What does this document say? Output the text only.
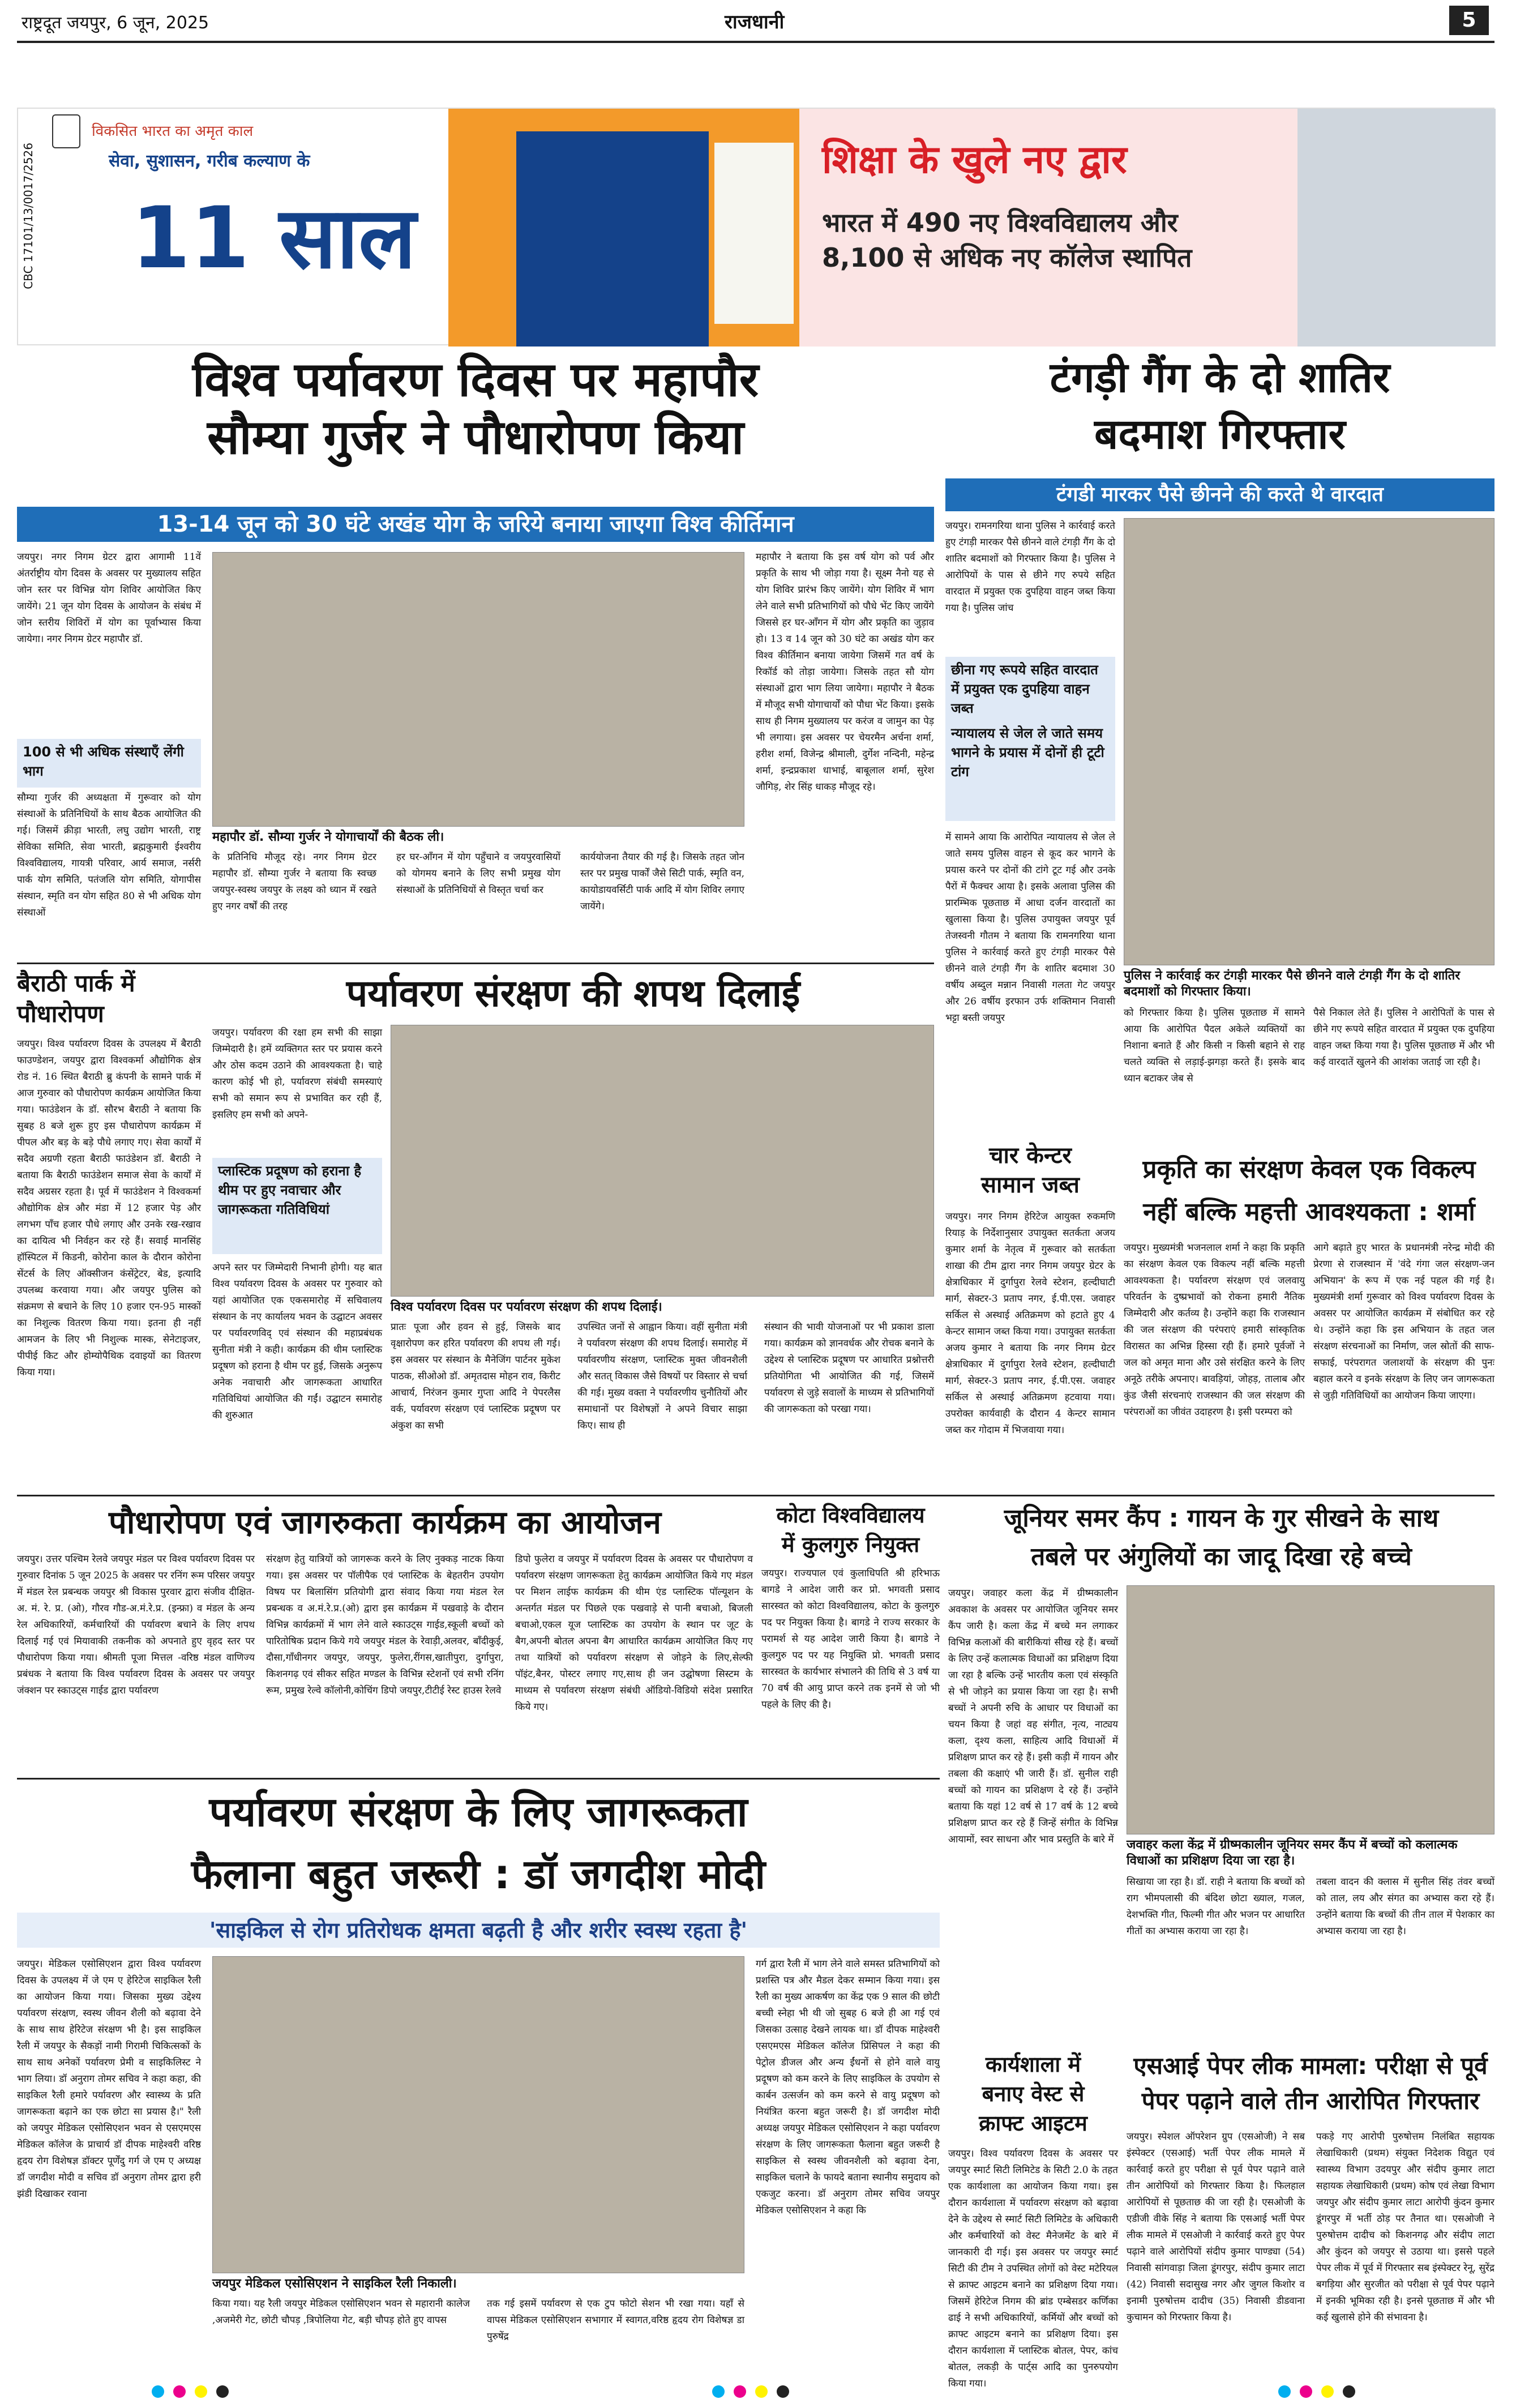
राष्ट्रदूत जयपुर, 6 जून, 2025	राजधानी	5
CBC 17101/13/0017/2526
विकसित भारत का अमृत काल
सेवा, सुशासन, गरीब कल्याण के
11 साल
शिक्षा के खुले नए द्वार
भारत में 490 नए विश्वविद्यालय और
8,100 से अधिक नए कॉलेज स्थापित
विश्व पर्यावरण दिवस पर महापौर
सौम्या गुर्जर ने पौधारोपण किया
13-14 जून को 30 घंटे अखंड योग के जरिये बनाया जाएगा विश्व कीर्तिमान
जयपुर। नगर निगम ग्रेटर द्वारा आगामी 11वें अंतर्राष्ट्रीय योग दिवस के अवसर पर मुख्यालय सहित जोन स्तर पर विभिन्न योग शिविर आयोजित किए जायेंगे। 21 जून योग दिवस के आयोजन के संबंध में जोन स्तरीय शिविरों में योग का पूर्वाभ्यास किया जायेगा। नगर निगम ग्रेटर महापौर डॉ.
100 से भी अधिक संस्थाएँ लेंगी भाग
सौम्या गुर्जर की अध्यक्षता में गुरूवार को योग संस्थाओं के प्रतिनिधियों के साथ बैठक आयोजित की गई। जिसमें क्रीड़ा भारती, लघु उद्योग भारती, राष्ट्र सेविका समिति, सेवा भारती, ब्रह्मकुमारी ईश्वरीय विश्वविद्यालय, गायत्री परिवार, आर्य समाज, नर्सरी पार्क योग समिति, पतंजलि योग समिति, योगापीस संस्थान, स्मृति वन योग सहित 80 से भी अधिक योग संस्थाओं
महापौर डॉ. सौम्या गुर्जर ने योगाचार्यों की बैठक ली।
के प्रतिनिधि मौजूद रहे। नगर निगम ग्रेटर महापौर डॉ. सौम्या गुर्जर ने बताया कि स्वच्छ जयपुर-स्वस्थ जयपुर के लक्ष्य को ध्यान में रखते हुए नगर वर्षों की तरह
हर घर-आँगन में योग पहुँचाने व जयपुरवासियों को योगमय बनाने के लिए सभी प्रमुख योग संस्थाओं के प्रतिनिधियों से विस्तृत चर्चा कर
कार्ययोजना तैयार की गई है। जिसके तहत जोन स्तर पर प्रमुख पार्कों जैसे सिटी पार्क, स्मृति वन, कायोडायवर्सिटी पार्क आदि में योग शिविर लगाए जायेंगे।
महापौर ने बताया कि इस वर्ष योग को पर्व और प्रकृति के साथ भी जोड़ा गया है। सूक्ष्म नैनो यह से योग शिविर प्रारंभ किए जायेंगे। योग शिविर में भाग लेने वाले सभी प्रतिभागियों को पौधे भेंट किए जायेंगे जिससे हर घर-आँगन में योग और प्रकृति का जुड़ाव हो। 13 व 14 जून को 30 घंटे का अखंड योग कर विश्व कीर्तिमान बनाया जायेगा जिसमें गत वर्ष के रिकॉर्ड को तोड़ा जायेगा। जिसके तहत सौ योग संस्थाओं द्वारा भाग लिया जायेगा। महापौर ने बैठक में मौजूद सभी योगाचार्यों को पौधा भेंट किया। इसके साथ ही निगम मुख्यालय पर करंज व जामुन का पेड़ भी लगाया। इस अवसर पर चेयरमैन अर्चना शर्मा, हरीश शर्मा, विजेन्द्र श्रीमाली, दुर्गेश नन्दिनी, महेन्द्र शर्मा, इन्द्रप्रकाश धाभाई, बाबूलाल शर्मा, सुरेश जौगिड़, शेर सिंह धाकड़ मौजूद रहे।
टंगड़ी गैंग के दो शातिर
बदमाश गिरफ्तार
टंगडी मारकर पैसे छीनने की करते थे वारदात
जयपुर। रामनगरिया थाना पुलिस ने कार्रवाई करते हुए टंगड़ी मारकर पैसे छीनने वाले टंगड़ी गैंग के दो शातिर बदमाशों को गिरफ्तार किया है। पुलिस ने आरोपियों के पास से छीने गए रुपये सहित वारदात में प्रयुक्त एक दुपहिया वाहन जब्त किया गया है। पुलिस जांच
छीना गए रूपये सहित वारदात में प्रयुक्त एक दुपहिया वाहन जब्त
न्यायालय से जेल ले जाते समय भागने के प्रयास में दोनों ही टूटी टांग
में सामने आया कि आरोपित न्यायालय से जेल ले जाते समय पुलिस वाहन से कूद कर भागने के प्रयास करने पर दोनों की टांगे टूट गई और उनके पैरों में फैक्चर आया है। इसके अलावा पुलिस की प्रारम्भिक पूछताछ में आधा दर्जन वारदातों का खुलासा किया है। पुलिस उपायुक्त जयपुर पूर्व तेजस्वनी गौतम ने बताया कि रामनगरिया थाना पुलिस ने कार्रवाई करते हुए टंगड़ी मारकर पैसे छीनने वाले टंगड़ी गैंग के शातिर बदमाश 30 वर्षीय अब्दुल मन्नान निवासी गलता गेट जयपुर और 26 वर्षीय इरफान उर्फ शक्तिमान निवासी भट्टा बस्ती जयपुर
पुलिस ने कार्रवाई कर टंगड़ी मारकर पैसे छीनने वाले टंगड़ी गैंग के दो शातिर बदमाशों को गिरफ्तार किया।
को गिरफ्तार किया है। पुलिस पूछताछ में सामने आया कि आरोपित पैदल अकेले व्यक्तियों का निशाना बनाते हैं और किसी न किसी बहाने से राह चलते व्यक्ति से लड़ाई-झगड़ा करते हैं। इसके बाद ध्यान बटाकर जेब से
पैसे निकाल लेते हैं। पुलिस ने आरोपितों के पास से छीने गए रूपये सहित वारदात में प्रयुक्त एक दुपहिया वाहन जब्त किया गया है। पुलिस पूछताछ में और भी कई वारदातें खुलने की आशंका जताई जा रही है।
बैराठी पार्क में
पौधारोपण
जयपुर। विश्व पर्यावरण दिवस के उपलक्ष्य में बैराठी फाउण्डेशन, जयपुर द्वारा विश्वकर्मा औद्योगिक क्षेत्र रोड नं. 16 स्थित बैराठी ब्रु कंपनी के सामने पार्क में आज गुरुवार को पौधारोपण कार्यक्रम आयोजित किया गया। फाउंडेशन के डॉ. सौरभ बैराठी ने बताया कि सुबह 8 बजे शुरू हुए इस पौधारोपण कार्यक्रम में पीपल और बड़ के बड़े पौधे लगाए गए। सेवा कार्यों में सदैव अग्रणी रहता बैराठी फाउंडेशन डॉ. बैराठी ने बताया कि बैराठी फाउंडेशन समाज सेवा के कार्यों में सदैव अग्रसर रहता है। पूर्व में फाउंडेशन ने विश्वकर्मा औद्योगिक क्षेत्र और मंडा में 12 हजार पेड़ और लगभग पाँच हजार पौधे लगाए और उनके रख-रखाव का दायित्व भी निर्वहन कर रहे हैं। सवाई मानसिंह हॉस्पिटल में किडनी, कोरोना काल के दौरान कोरोना सेंटर्स के लिए ऑक्सीजन कंसेंट्रेटर, बेड, इत्यादि उपलब्ध करवाया गया। और जयपुर पुलिस को संक्रमण से बचाने के लिए 10 हजार एन-95 मास्कों का निशुल्क वितरण किया गया। इतना ही नहीं आमजन के लिए भी निशुल्क मास्क, सेनेटाइजर, पीपीई किट और होम्योपैथिक दवाइयों का वितरण किया गया।
पर्यावरण संरक्षण की शपथ दिलाई
जयपुर। पर्यावरण की रक्षा हम सभी की साझा जिम्मेदारी है। हमें व्यक्तिगत स्तर पर प्रयास करने और ठोस कदम उठाने की आवश्यकता है। चाहे कारण कोई भी हो, पर्यावरण संबंधी समस्याएं सभी को समान रूप से प्रभावित कर रही हैं, इसलिए हम सभी को अपने-
प्लास्टिक प्रदूषण को हराना है थीम पर हुए नवाचार और जागरूकता गतिविधियां
अपने स्तर पर जिम्मेदारी निभानी होगी। यह बात विश्व पर्यावरण दिवस के अवसर पर गुरुवार को यहां आयोजित एक एकसमारोह में सचिवालय संस्थान के नए कार्यालय भवन के उद्घाटन अवसर पर पर्यावरणविद् एवं संस्थान की महाप्रबंधक सुनीता मंत्री ने कही। कार्यक्रम की थीम प्लास्टिक प्रदूषण को हराना है थीम पर हुई, जिसके अनुरूप अनेक नवाचारी और जागरूकता आधारित गतिविधियां आयोजित की गईं। उद्घाटन समारोह की शुरुआत
विश्व पर्यावरण दिवस पर पर्यावरण संरक्षण की शपथ दिलाई।
प्रातः पूजा और हवन से हुई, जिसके बाद वृक्षारोपण कर हरित पर्यावरण की शपथ ली गई। इस अवसर पर संस्थान के मैनेजिंग पार्टनर मुकेश पाठक, सीओओ डॉ. अमृतदास मोहन राव, किरीट आचार्य, निरंजन कुमार गुप्ता आदि ने पेपरलैस वर्क, पर्यावरण संरक्षण एवं प्लास्टिक प्रदूषण पर अंकुश का सभी
उपस्थित जनों से आह्वान किया। वहीं सुनीता मंत्री ने पर्यावरण संरक्षण की शपथ दिलाई। समारोह में पर्यावरणीय संरक्षण, प्लास्टिक मुक्त जीवनशैली और सतत् विकास जैसे विषयों पर विस्तार से चर्चा की गई। मुख्य वक्ता ने पर्यावरणीय चुनौतियों और समाधानों पर विशेषज्ञों ने अपने विचार साझा किए। साथ ही
संस्थान की भावी योजनाओं पर भी प्रकाश डाला गया। कार्यक्रम को ज्ञानवर्धक और रोचक बनाने के उद्देश्य से प्लास्टिक प्रदूषण पर आधारित प्रश्नोत्तरी प्रतियोगिता भी आयोजित की गई, जिसमें पर्यावरण से जुड़े सवालों के माध्यम से प्रतिभागियों की जागरूकता को परखा गया।
चार केन्टर
सामान जब्त
जयपुर। नगर निगम हेरिटेज आयुक्त रुकमणि रियाड़ के निर्देशानुसार उपायुक्त सतर्कता अजय कुमार शर्मा के नेतृत्व में गुरूवार को सतर्कता शाखा की टीम द्वारा नगर निगम जयपुर ग्रेटर के क्षेत्राधिकार में दुर्गापुरा रेलवे स्टेशन, हल्दीघाटी मार्ग, सेक्टर-3 प्रताप नगर, ई.पी.एस. जवाहर सर्किल से अस्थाई अतिक्रमण को हटाते हुए 4 केन्टर सामान जब्त किया गया। उपायुक्त सतर्कता अजय कुमार ने बताया कि नगर निगम ग्रेटर क्षेत्राधिकार में दुर्गापुरा रेलवे स्टेशन, हल्दीघाटी मार्ग, सेक्टर-3 प्रताप नगर, ई.पी.एस. जवाहर सर्किल से अस्थाई अतिक्रमण हटवाया गया। उपरोक्त कार्यवाही के दौरान 4 केन्टर सामान जब्त कर गोदाम में भिजवाया गया।
प्रकृति का संरक्षण केवल एक विकल्प
नहीं बल्कि महत्ती आवश्यकता : शर्मा
जयपुर। मुख्यमंत्री भजनलाल शर्मा ने कहा कि प्रकृति का संरक्षण केवल एक विकल्प नहीं बल्कि महत्ती आवश्यकता है। पर्यावरण संरक्षण एवं जलवायु परिवर्तन के दुष्प्रभावों को रोकना हमारी नैतिक जिम्मेदारी और कर्तव्य है। उन्होंने कहा कि राजस्थान की जल संरक्षण की परंपराएं हमारी सांस्कृतिक विरासत का अभिन्न हिस्सा रही हैं। हमारे पूर्वजों ने जल को अमृत माना और उसे संरक्षित करने के लिए अनूठे तरीके अपनाए। बावड़ियां, जोहड़, तालाब और कुंड जैसी संरचनाएं राजस्थान की जल संरक्षण की परंपराओं का जीवंत उदाहरण है। इसी परम्परा को
आगे बढ़ाते हुए भारत के प्रधानमंत्री नरेन्द्र मोदी की प्रेरणा से राजस्थान में 'वंदे गंगा जल संरक्षण-जन अभियान' के रूप में एक नई पहल की गई है। मुख्यमंत्री शर्मा गुरूवार को विश्व पर्यावरण दिवस के अवसर पर आयोजित कार्यक्रम में संबोधित कर रहे थे। उन्होंने कहा कि इस अभियान के तहत जल संरक्षण संरचनाओं का निर्माण, जल स्रोतों की साफ-सफाई, परंपरागत जलाशयों के संरक्षण की पुनः बहाल करने व इनके संरक्षण के लिए जन जागरूकता से जुड़ी गतिविधियों का आयोजन किया जाएगा।
पौधारोपण एवं जागरुकता कार्यक्रम का आयोजन
जयपुर। उत्तर पश्चिम रेलवे जयपुर मंडल पर विश्व पर्यावरण दिवस पर गुरुवार दिनांक 5 जून 2025 के अवसर पर रनिंग रूम परिसर जयपुर में मंडल रेल प्रबन्धक जयपुर श्री विकास पुरवार द्वारा संजीव दीक्षित-अ. मं. रे. प्र. (ओ), गौरव गौड-अ.मं.रे.प्र. (इन्फ्रा) व मंडल के अन्य रेल अधिकारियों, कर्मचारियों की पर्यावरण बचाने के लिए शपथ दिलाई गई एवं मियावाकी तकनीक को अपनाते हुए वृहद स्तर पर पौधारोपण किया गया। श्रीमती पूजा मित्तल -वरिष्ठ मंडल वाणिज्य प्रबंधक ने बताया कि विश्व पर्यावरण दिवस के अवसर पर जयपुर जंक्शन पर स्काउट्स गाईड द्वारा पर्यावरण
संरक्षण हेतु यात्रियों को जागरूक करने के लिए नुक्कड़ नाटक किया गया। इस अवसर पर पॉलीपैक एवं प्लास्टिक के बेहतरीन उपयोग विषय पर बिलासिंग प्रतियोगी द्वारा संवाद किया गया मंडल रेल प्रबन्धक व अ.मं.रे.प्र.(ओ) द्वारा इस कार्यक्रम में पखवाड़े के दौरान विभिन्न कार्यक्रमों में भाग लेने वाले स्काउट्स गाईड,स्कूली बच्चों को पारितोषिक प्रदान किये गये जयपुर मंडल के रेवाड़ी,अलवर, बाँदीकुई, दौसा,गाँधीनगर जयपुर, जयपुर, फुलेरा,रींगस,खातीपुरा, दुर्गापुरा, किशनगढ़ एवं सीकर सहित मण्डल के विभिन्न स्टेशनों एवं सभी रनिंग रूम, प्रमुख रेल्वे कॉलोनी,कोचिंग डिपो जयपुर,टीटीई रेस्ट हाउस रेलवे
डिपो फुलेरा व जयपुर में पर्यावरण दिवस के अवसर पर पौधारोपण व पर्यावरण संरक्षण जागरूकता हेतु कार्यक्रम आयोजित किये गए मंडल पर मिशन लाईफ कार्यक्रम की थीम एंड प्लास्टिक पॉल्यूशन के अन्तर्गत मंडल पर पिछले एक पखवाड़े से पानी बचाओ, बिजली बचाओ,एकल यूज प्लास्टिक का उपयोग के स्थान पर जूट के बैग,अपनी बोतल अपना बैग आधारित कार्यक्रम आयोजित किए गए तथा यात्रियों को पर्यावरण संरक्षण से जोड़ने के लिए,सेल्फी पॉइंट,बैनर, पोस्टर लगाए गए,साथ ही जन उद्घोषणा सिस्टम के माध्यम से पर्यावरण संरक्षण संबंधी ऑडियो-विडियो संदेश प्रसारित किये गए।
कोटा विश्वविद्यालय
में कुलगुरु नियुक्त
जयपुर। राज्यपाल एवं कुलाधिपति श्री हरिभाऊ बागडे ने आदेश जारी कर प्रो. भगवती प्रसाद सारस्वत को कोटा विश्वविद्यालय, कोटा के कुलगुरु पद पर नियुक्त किया है। बागडे ने राज्य सरकार के परामर्श से यह आदेश जारी किया है। बागडे ने कुलगुरु पद पर यह नियुक्ति प्रो. भगवती प्रसाद सारस्वत के कार्यभार संभालने की तिथि से 3 वर्ष या 70 वर्ष की आयु प्राप्त करने तक इनमें से जो भी पहले के लिए की है।
जूनियर समर कैंप : गायन के गुर सीखने के साथ
तबले पर अंगुलियों का जादू दिखा रहे बच्चे
जयपुर। जवाहर कला केंद्र में ग्रीष्मकालीन अवकाश के अवसर पर आयोजित जूनियर समर कैंप जारी है। कला केंद्र में बच्चे मन लगाकर विभिन्न कलाओं की बारीकियां सीख रहे हैं। बच्चों के लिए उन्हें कलात्मक विधाओं का प्रशिक्षण दिया जा रहा है बल्कि उन्हें भारतीय कला एवं संस्कृति से भी जोड़ने का प्रयास किया जा रहा है। सभी बच्चों ने अपनी रुचि के आधार पर विधाओं का चयन किया है जहां वह संगीत, नृत्य, नाट्यय कला, दृश्य कला, साहित्य आदि विधाओं में प्रशिक्षण प्राप्त कर रहे हैं। इसी कड़ी में गायन और तबला की कक्षाएं भी जारी हैं। डॉ. सुनील राही बच्चों को गायन का प्रशिक्षण दे रहे हैं। उन्होंने बताया कि यहां 12 वर्ष से 17 वर्ष के 12 बच्चे प्रशिक्षण प्राप्त कर रहे हैं जिन्हें संगीत के विभिन्न आयामों, स्वर साधना और भाव प्रस्तुति के बारे में	जवाहर कला केंद्र में ग्रीष्मकालीन जूनियर समर कैंप में बच्चों को कलात्मक विधाओं का प्रशिक्षण दिया जा रहा है।
सिखाया जा रहा है। डॉ. राही ने बताया कि बच्चों को राग भीमपलासी की बंदिश छोटा ख्याल, गजल, देशभक्ति गीत, फिल्मी गीत और भजन पर आधारित गीतों का अभ्यास कराया जा रहा है।
तबला वादन की क्लास में सुनील सिंह तंवर बच्चों को ताल, लय और संगत का अभ्यास करा रहे हैं। उन्होंने बताया कि बच्चों की तीन ताल में पेशकार का अभ्यास कराया जा रहा है।
पर्यावरण संरक्षण के लिए जागरूकता
फैलाना बहुत जरूरी : डॉ जगदीश मोदी
'साइकिल से रोग प्रतिरोधक क्षमता बढ़ती है और शरीर स्वस्थ रहता है'
जयपुर। मेडिकल एसोसिएशन द्वारा विश्व पर्यावरण दिवस के उपलक्ष्य में जे एम ए हेरिटेज साइकिल रैली का आयोजन किया गया। जिसका मुख्य उद्देश्य पर्यावरण संरक्षण, स्वस्थ जीवन शैली को बढ़ावा देने के साथ साथ हेरिटेज संरक्षण भी है। इस साइकिल रैली में जयपुर के सैकड़ों नामी गिरामी चिकित्सकों के साथ साथ अनेकों पर्यावरण प्रेमी व साइकिलिस्ट ने भाग लिया। डॉ अनुराग तोमर सचिव ने कहा कहा, की साइकिल रैली हमारे पर्यावरण और स्वास्थ्य के प्रति जागरूकता बढ़ाने का एक छोटा सा प्रयास है।" रैली को जयपुर मेडिकल एसोसिएशन भवन से एसएमएस मेडिकल कॉलेज के प्राचार्य डॉ दीपक माहेश्वरी वरिष्ठ हृदय रोग विशेषज्ञ डॉक्टर पूर्णेंदु गर्ग जे एम ए अध्यक्ष डॉ जगदीश मोदी व सचिव डॉ अनुराग तोमर द्वारा हरी झंडी दिखाकर रवाना
जयपुर मेडिकल एसोसिएशन ने साइकिल रैली निकाली।
किया गया। यह रैली जयपुर मेडिकल एसोसिएशन भवन से महारानी कालेज ,अजमेरी गेट, छोटी चौपड़ ,त्रिपोलिया गेट, बड़ी चौपड़ होते हुए वापस
तक गई इसमें पर्यावरण से एक टुप फोटो सेशन भी रखा गया। यहाँ से वापस मेडिकल एसोसिएशन सभागार में स्वागत,वरिष्ठ हृदय रोग विशेषज्ञ डा पुरुषेंद्र
गर्ग द्वारा रैली में भाग लेने वाले समस्त प्रतिभागियों को प्रशस्ति पत्र और मैडल देकर सम्मान किया गया। इस रैली का मुख्य आकर्षण का केंद्र एक 9 साल की छोटी बच्ची स्नेहा भी थी जो सुबह 6 बजे ही आ गई एवं जिसका उत्साह देखने लायक था। डॉ दीपक माहेश्वरी एसएमएस मेडिकल कॉलेज प्रिंसिपल ने कहा की पेट्रोल डीजल और अन्य ईंधनों से होने वाले वायु प्रदूषण को कम करने के लिए साइकिल के उपयोग से कार्बन उत्सर्जन को कम करने से वायु प्रदूषण को नियंत्रित करना बहुत जरूरी है। डॉ जगदीश मोदी अध्यक्ष जयपुर मेडिकल एसोसिएशन ने कहा पर्यावरण संरक्षण के लिए जागरूकता फैलाना बहुत जरूरी है साइकिल से स्वस्थ जीवनशैली को बढ़ावा देना, साइकिल चलाने के फायदे बताना स्थानीय समुदाय को एकजुट करना। डॉ अनुराग तोमर सचिव जयपुर मेडिकल एसोसिएशन ने कहा कि
कार्यशाला में
बनाए वेस्ट से
क्राफ्ट आइटम
जयपुर। विश्व पर्यावरण दिवस के अवसर पर जयपुर स्मार्ट सिटी लिमिटेड के सिटी 2.0 के तहत एक कार्यशाला का आयोजन किया गया। इस दौरान कार्यशाला में पर्यावरण संरक्षण को बढ़ावा देने के उद्देश्य से स्मार्ट सिटी लिमिटेड के अधिकारी और कर्मचारियों को वेस्ट मैनेजमेंट के बारे में जानकारी दी गई। इस अवसर पर जयपुर स्मार्ट सिटी की टीम ने उपस्थित लोगों को वेस्ट मटेरियल से क्राफ्ट आइटम बनाने का प्रशिक्षण दिया गया। जिसमें हेरिटेज निगम की ब्रांड एम्बेसडर कर्णिका ढाई ने सभी अधिकारियों, कर्मियों और बच्चों को क्राफ्ट आइटम बनाने का प्रशिक्षण दिया। इस दौरान कार्यशाला में प्लास्टिक बोतल, पेपर, कांच बोतल, लकड़ी के पार्ट्स आदि का पुनरुपयोग किया गया।
एसआई पेपर लीक मामला: परीक्षा से पूर्व
पेपर पढ़ाने वाले तीन आरोपित गिरफ्तार
जयपुर। स्पेशल ऑपरेशन ग्रुप (एसओजी) ने सब इंस्पेक्टर (एसआई) भर्ती पेपर लीक मामले में कार्रवाई करते हुए परीक्षा से पूर्व पेपर पढ़ाने वाले तीन आरोपियों को गिरफ्तार किया है। फिलहाल आरोपियों से पूछताछ की जा रही है। एसओजी के एडीजी वीके सिंह ने बताया कि एसआई भर्ती पेपर लीक मामले में एसओजी ने कार्रवाई करते हुए पेपर पढ़ाने वाले आरोपियों संदीप कुमार पाण्ड्या (54) निवासी सांगवाड़ा जिला डूंगरपुर, संदीप कुमार लाटा (42) निवासी सदासुख नगर और जुगल किशोर व इनामी पुरुषोत्तम दादीच (35) निवासी डीडवाना कुचामन को गिरफ्तार किया है।
पकड़े गए आरोपी पुरुषोत्तम निलंबित सहायक लेखाधिकारी (प्रथम) संयुक्त निदेशक विद्युत एवं स्वास्थ्य विभाग उदयपुर और संदीप कुमार लाटा सहायक लेखाधिकारी (प्रथम) कोष एवं लेखा विभाग जयपुर और संदीप कुमार लाटा आरोपी कुंदन कुमार डूंगरपुर में भर्ती ठोड़ पर तैनात था। एसओजी ने पुरुषोत्तम दादीच को किशनगढ़ और संदीप लाटा और कुंदन को जयपुर से उठाया था। इससे पहले पेपर लीक में पूर्व में गिरफ्तार सब इंस्पेक्टर रेनू, सुरेंद्र बगड़िया और सुरजीत को परीक्षा से पूर्व पेपर पढ़ाने में इनकी भूमिका रही है। इनसे पूछताछ में और भी कई खुलासे होने की संभावना है।
